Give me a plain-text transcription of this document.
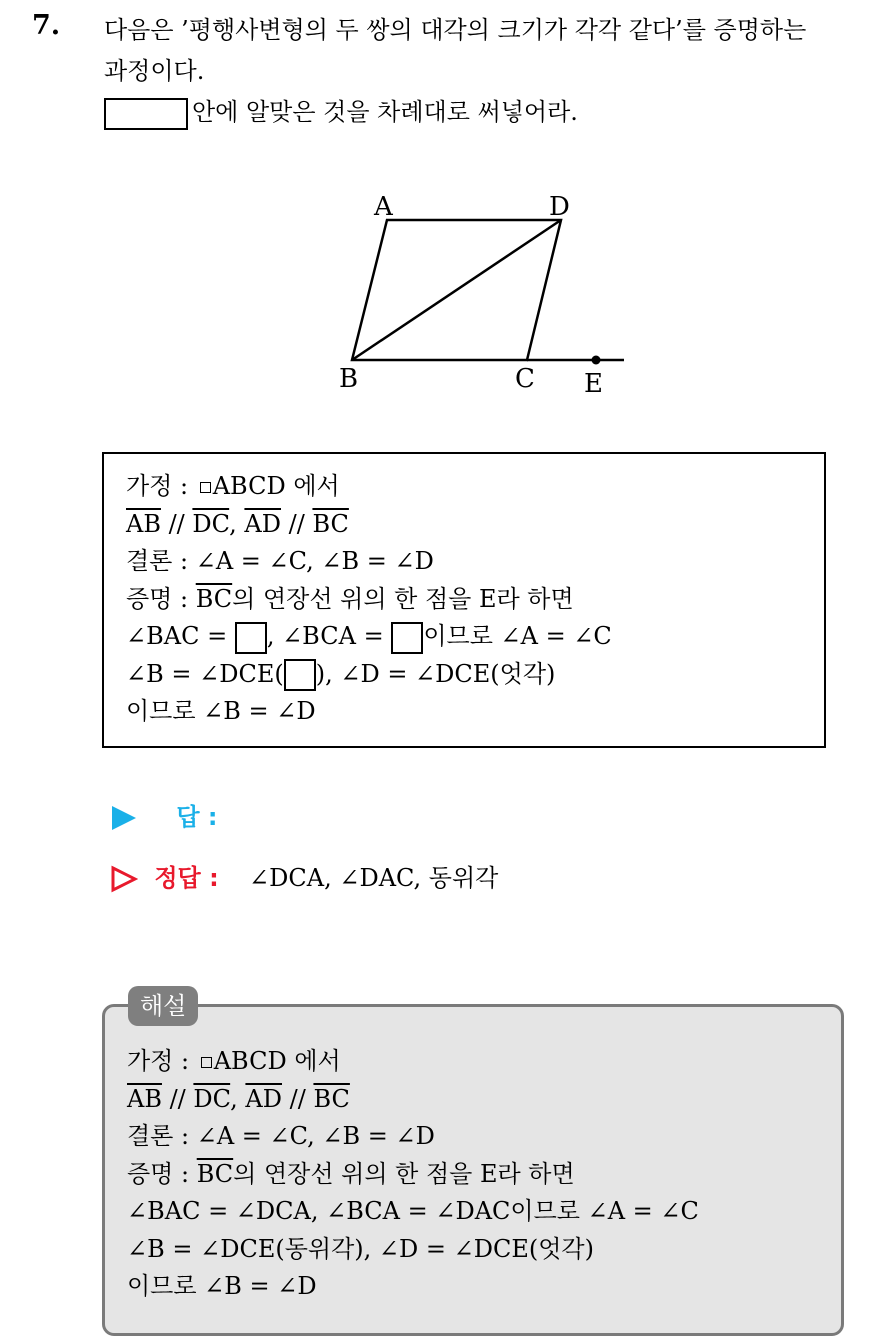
7. 다음은 ’평행사변형의 두 쌍의 대각의 크기가 각각 같다’를 증명하는
과정이다.
안에 알맞은 것을 차례대로 써넣어라.
A	D
B	C E
가정 : ABCD 에서
$\overline{AB} // \overline{DC}$, $\overline{AD} // \overline{BC}$
결론 : ∠A = ∠C, ∠B = ∠D
증명 : $\overline{BC}$의 연장선 위의 한 점을 E라 하면
∠BAC = , ∠BCA = 이므로 ∠A = ∠C
∠B = ∠DCE( ), ∠D = ∠DCE(엇각)
이므로 ∠B = ∠D
답 :
정답 : ∠DCA, ∠DAC, 동위각
가정 : ABCD 에서
$\overline{AB} // \overline{DC}$, $\overline{AD} // \overline{BC}$
결론 : ∠A = ∠C, ∠B = ∠D
증명 : $\overline{BC}$의 연장선 위의 한 점을 E라 하면
∠BAC = ∠DCA, ∠BCA = ∠DAC이므로 ∠A = ∠C
∠B = ∠DCE(동위각), ∠D = ∠DCE(엇각)
이므로 ∠B = ∠D
해설
